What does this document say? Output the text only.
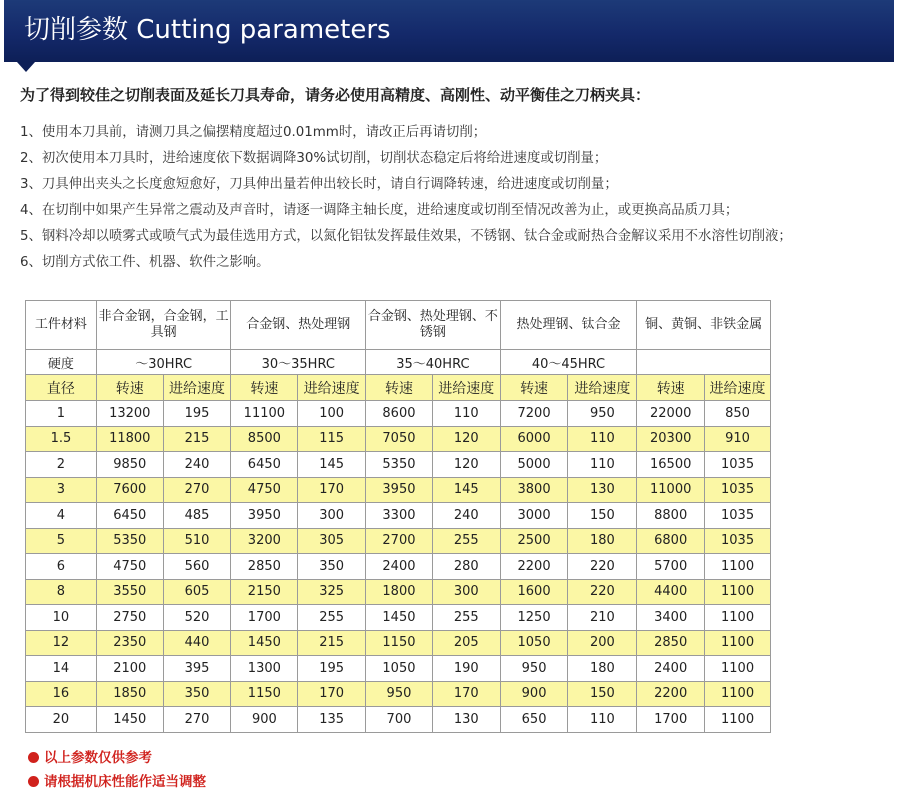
切削参数 Cutting parameters
为了得到较佳之切削表面及延长刀具寿命，请务必使用高精度、高刚性、动平衡佳之刀柄夹具：
1、使用本刀具前，请测刀具之偏摆精度超过0.01mm时，请改正后再请切削；
2、初次使用本刀具时，进给速度依下数据调降30%试切削，切削状态稳定后将给进速度或切削量；
3、刀具伸出夹头之长度愈短愈好，刀具伸出量若伸出较长时，请自行调降转速，给进速度或切削量；
4、在切削中如果产生异常之震动及声音时，请逐一调降主轴长度，进给速度或切削至情况改善为止，或更换高品质刀具；
5、钢料冷却以喷雾式或喷气式为最佳选用方式，以氮化铝钛发挥最佳效果，不锈钢、钛合金或耐热合金解议采用不水溶性切削液；
6、切削方式依工件、机器、软件之影响。
工件材料	非合金钢，合金钢，工具钢		合金钢、热处理钢		合金钢、热处理钢、不锈钢		热处理钢、钛合金		铜、黄铜、非铁金属	
硬度	～30HRC		30～35HRC		35～40HRC		40～45HRC			
直径	转速	进给速度	转速	进给速度	转速	进给速度	转速	进给速度	转速	进给速度
1	13200	195	11100	100	8600	110	7200	950	22000	850
1.5	11800	215	8500	115	7050	120	6000	110	20300	910
2	9850	240	6450	145	5350	120	5000	110	16500	1035
3	7600	270	4750	170	3950	145	3800	130	11000	1035
4	6450	485	3950	300	3300	240	3000	150	8800	1035
5	5350	510	3200	305	2700	255	2500	180	6800	1035
6	4750	560	2850	350	2400	280	2200	220	5700	1100
8	3550	605	2150	325	1800	300	1600	220	4400	1100
10	2750	520	1700	255	1450	255	1250	210	3400	1100
12	2350	440	1450	215	1150	205	1050	200	2850	1100
14	2100	395	1300	195	1050	190	950	180	2400	1100
16	1850	350	1150	170	950	170	900	150	2200	1100
20	1450	270	900	135	700	130	650	110	1700	1100
以上参数仅供参考
请根据机床性能作适当调整
